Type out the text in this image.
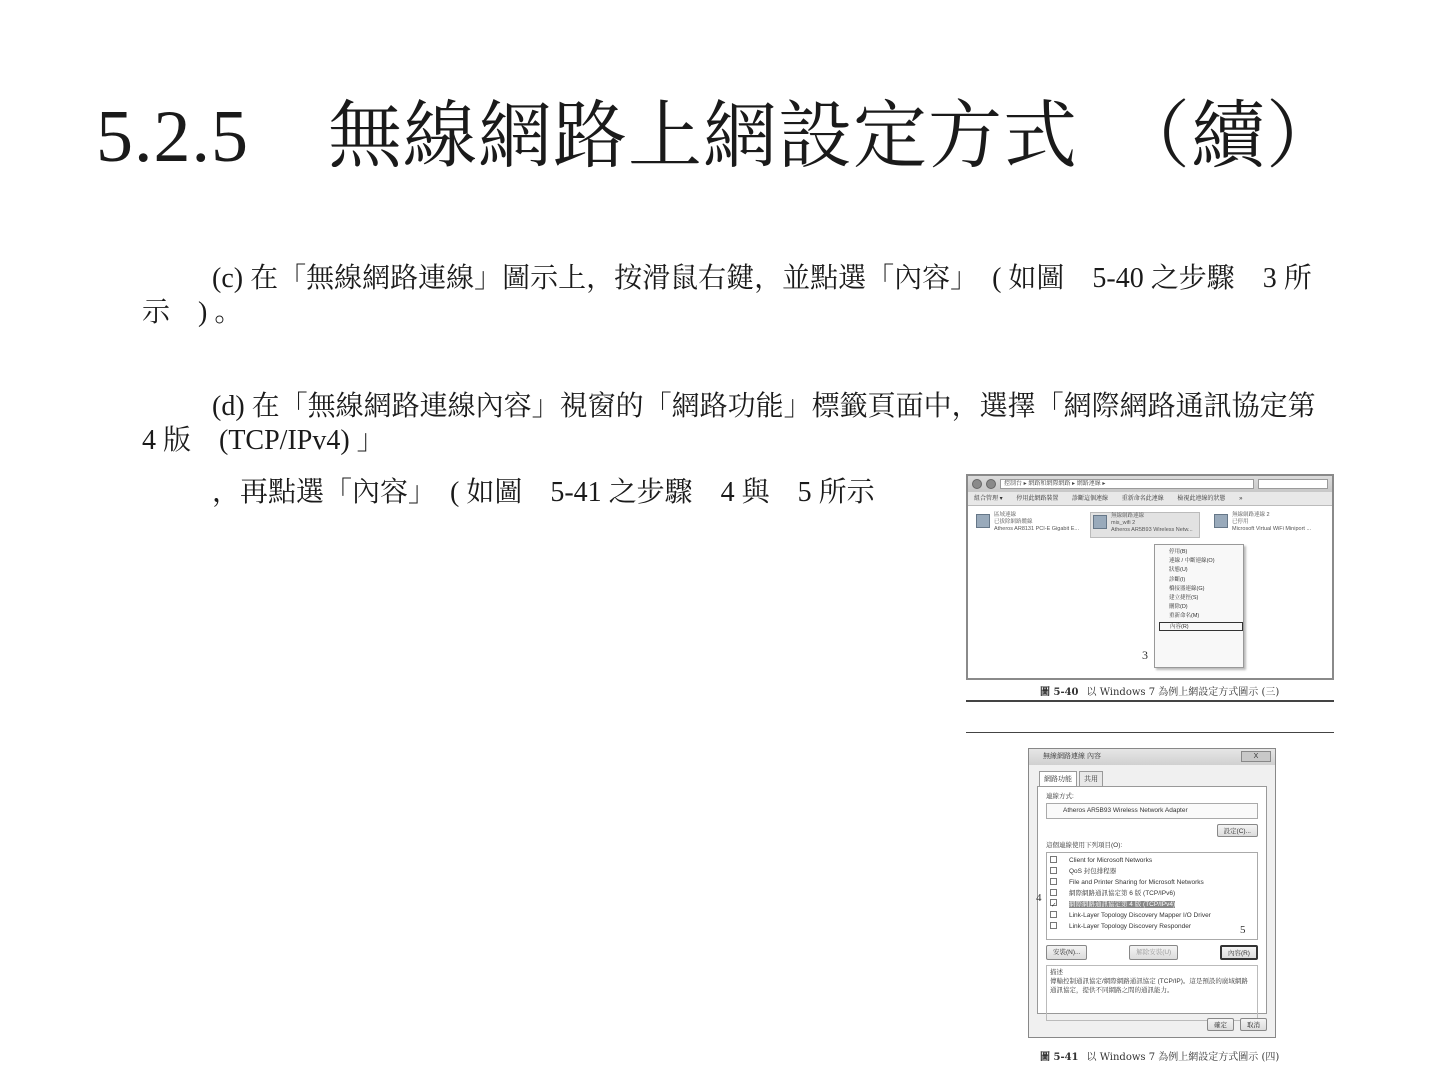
5.2.5 無線網路上網設定方式　（續）
(c) 在「無線網路連線」圖示上，按滑鼠右鍵，並點選「內容」　( 如圖　5-40 之步驟　3 所示　) 。
(d) 在「無線網路連線內容」視窗的「網路功能」標籤頁面中，選擇「網際網路通訊協定第　4 版　(TCP/IPv4) 」
，再點選「內容」　( 如圖　5-41 之步驟　4 與　5 所示	控制台 ▸ 網路和網際網路 ▸ 網路連線 ▸
組合管理 ▾ 停用此網路裝置 診斷這個連線 重新命名此連線 檢視此連線的狀態 »
區域連線
已拔除網路纜線
Atheros AR8131 PCI-E Gigabit E...
無線網路連線
mis_wifi 2
Atheros AR5B93 Wireless Netw...
無線網路連線 2
已停用
Microsoft Virtual WiFi Miniport ...
停用(B)
連線 / 中斷連線(O)
狀態(U)
診斷(I)
橋接器連線(G)
建立捷徑(S)
刪除(D)
重新命名(M)
內容(R)
3
圖 5-40 以 Windows 7 為例上網設定方式圖示 (三)
無線網路連線 內容	X
網路功能	共用
連線方式:
Atheros AR5B93 Wireless Network Adapter
設定(C)...
這個連線使用下列項目(O):
Client for Microsoft Networks
QoS 封包排程器
File and Printer Sharing for Microsoft Networks
網際網路通訊協定第 6 版 (TCP/IPv6)
✓ 網際網路通訊協定第 4 版 (TCP/IPv4)
Link-Layer Topology Discovery Mapper I/O Driver
Link-Layer Topology Discovery Responder
安裝(N)...	解除安裝(U)	內容(R)
描述
傳輸控制通訊協定/網際網路通訊協定 (TCP/IP)。這是預設的廣域網路通訊協定，提供不同網路之間的通訊能力。
確定	取消
4
5
圖 5-41 以 Windows 7 為例上網設定方式圖示 (四)
